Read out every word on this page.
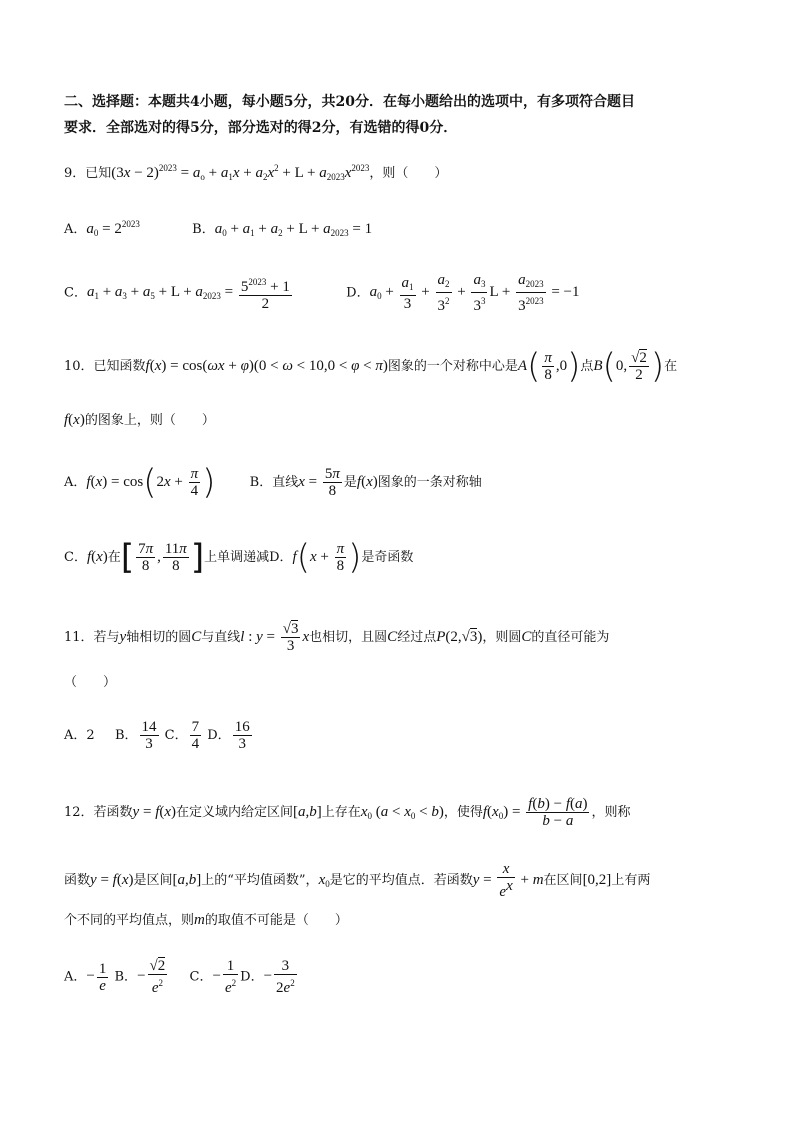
二、选择题：本题共4小题，每小题5分，共20分．在每小题给出的选项中，有多项符合题目
要求．全部选对的得5分，部分选对的得2分，有选错的得0分．
9．已知$(3x - 2)^{2023} = a_o + a_1x + a_2x^2 + L + a_{2023}x^{2023}$，则（　　）
A．$a_0 = 2^{2023}$	B．$a_0 + a_1 + a_2 + L + a_{2023} = 1$
C．$a_1 + a_3 + a_5 + L + a_{2023} = \frac{5^{2023} + 1}{2}$	D．$a_0 + \frac{a_1}{3} + \frac{a_2}{3^2} + \frac{a_3}{3^3}$ $L + \frac{a_{2023}}{3^{2023}} = -1$
10．已知函数f(x) = cos(ωx + φ)(0 < ω < 10,0 < φ < π)图象的一个对称中心是$A( \frac{\pi}{8} ,0)$点B(0, $\frac{√2}{2}$ )在
f(x)的图象上，则（　　）
A．$f(x) = \cos(2x + \frac{\pi}{4}$ )	B．直线$x = \frac{5\pi}{8}$ 是f(x)图象的一条对称轴
C．f(x)在[ $\frac{7\pi}{8}$ , $\frac{11\pi}{8}$ ]上单调递减D．$f(x + \frac{\pi}{8}$ )是奇函数
11．若与y轴相切的圆C与直线l : $y = \frac{√3}{3}$ x也相切，且圆C经过点P(2,√3)，则圆C的直径可能为
（　　）
A．2 B． $\frac{14}{3}$ C． $\frac{7}{4}$ D． $\frac{16}{3}$
12．若函数y = f(x)在定义域内给定区间[a,b]上存在$x_0$ $(a < x_0 < b)$，使得$f(x_0) = \frac{f(b) - f(a)}{b - a}$ ，则称
函数y = f(x)是区间[a,b]上的“平均值函数”，$x_0$是它的平均值点．若函数$y = \frac{x}{e^x} + m$在区间[0,2]上有两
个不同的平均值点，则m的取值不可能是（　　）
A．− $\frac{1}{e}$ B．− $\frac{√2}{e^2}$ C．− $\frac{1}{e^2}$ D．− $\frac{3}{2e^2}$
